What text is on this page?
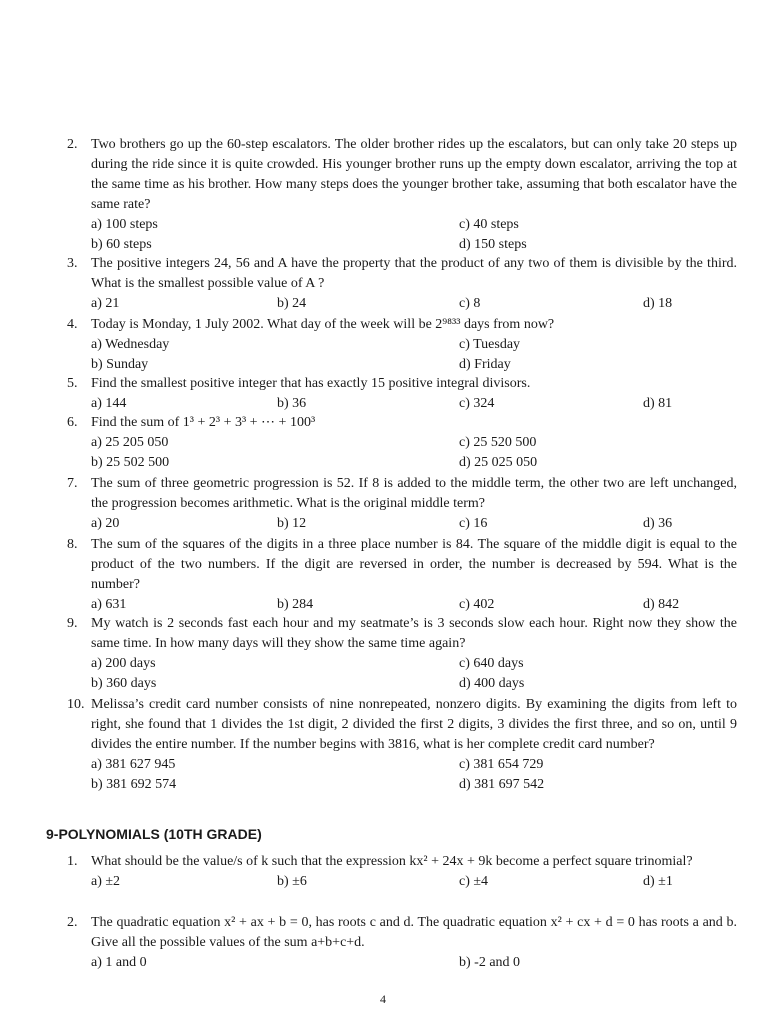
2. Two brothers go up the 60-step escalators. The older brother rides up the escalators, but can only take 20 steps up during the ride since it is quite crowded. His younger brother runs up the empty down escalator, arriving the top at the same time as his brother. How many steps does the younger brother take, assuming that both escalator have the same rate?
a) 100 steps	c) 40 steps
b) 60 steps	d) 150 steps
3. The positive integers 24, 56 and A have the property that the product of any two of them is divisible by the third. What is the smallest possible value of A ?
a) 21	b) 24	c) 8	d) 18
4. Today is Monday, 1 July 2002. What day of the week will be 2⁹⁸³³ days from now?
a) Wednesday	c) Tuesday
b) Sunday	d) Friday
5. Find the smallest positive integer that has exactly 15 positive integral divisors.
a) 144	b) 36	c) 324	d) 81
6. Find the sum of 1³ + 2³ + 3³ + ⋯ + 100³
a) 25 205 050	c) 25 520 500
b) 25 502 500	d) 25 025 050
7. The sum of three geometric progression is 52. If 8 is added to the middle term, the other two are left unchanged, the progression becomes arithmetic. What is the original middle term?
a) 20	b) 12	c) 16	d) 36
8. The sum of the squares of the digits in a three place number is 84. The square of the middle digit is equal to the product of the two numbers. If the digit are reversed in order, the number is decreased by 594. What is the number?
a) 631	b) 284	c) 402	d) 842
9. My watch is 2 seconds fast each hour and my seatmate’s is 3 seconds slow each hour. Right now they show the same time. In how many days will they show the same time again?
a) 200 days	c) 640 days
b) 360 days	d) 400 days
10. Melissa’s credit card number consists of nine nonrepeated, nonzero digits. By examining the digits from left to right, she found that 1 divides the 1st digit, 2 divided the first 2 digits, 3 divides the first three, and so on, until 9 divides the entire number. If the number begins with 3816, what is her complete credit card number?
a) 381 627 945	c) 381 654 729
b) 381 692 574	d) 381 697 542
9-POLYNOMIALS (10TH GRADE)
1. What should be the value/s of k such that the expression kx² + 24x + 9k become a perfect square trinomial?
a) ±2	b) ±6	c) ±4	d) ±1
2. The quadratic equation x² + ax + b = 0, has roots c and d. The quadratic equation x² + cx + d = 0 has roots a and b. Give all the possible values of the sum a+b+c+d.
a) 1 and 0	b) -2 and 0
4
